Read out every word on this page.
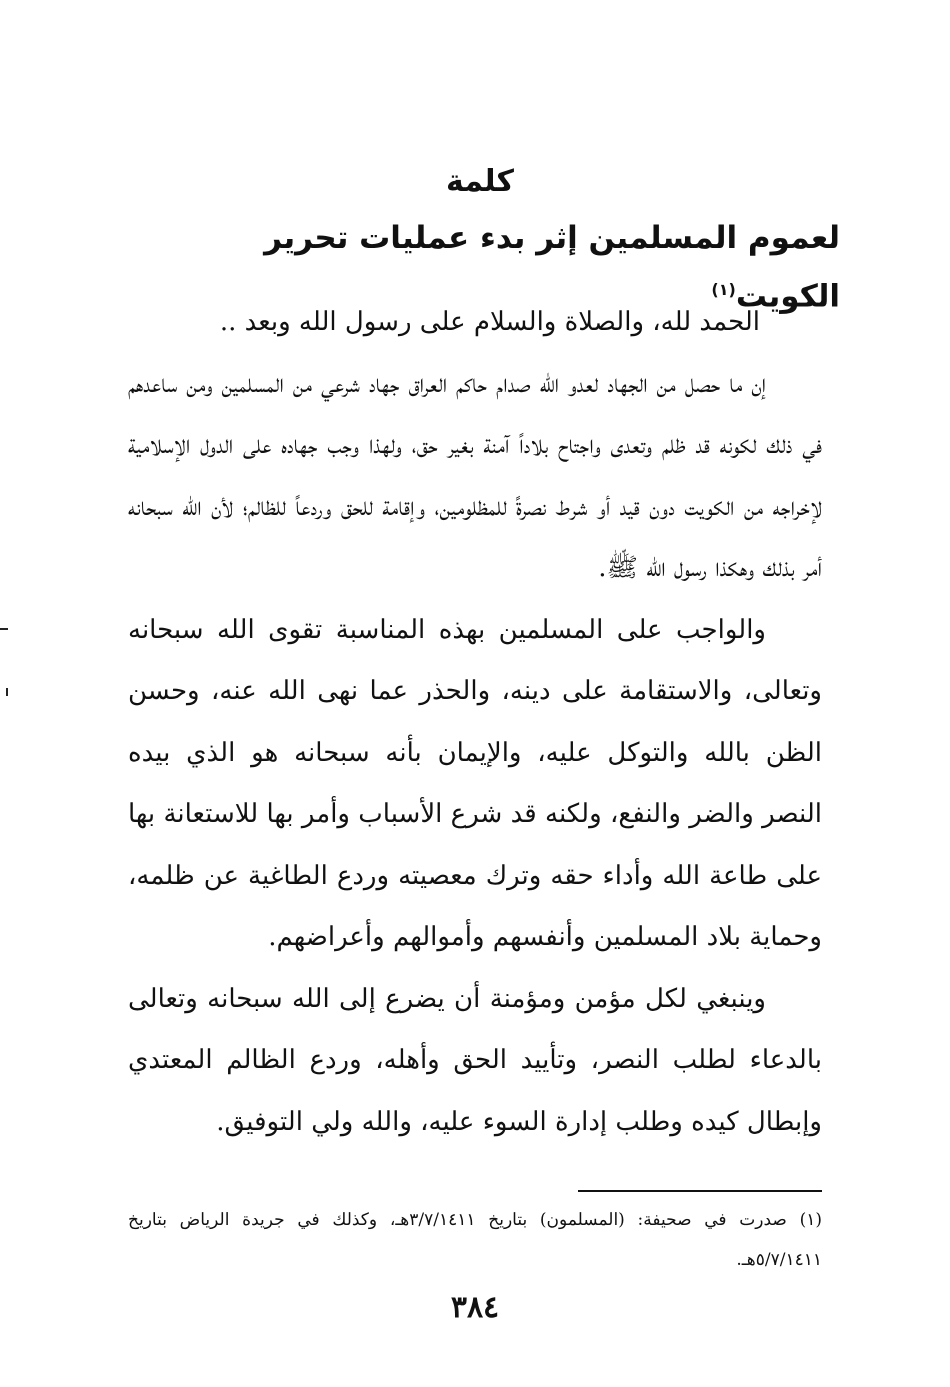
كلمة
لعموم المسلمين إثر بدء عمليات تحرير الكويت$^{(١)}$

الحمد لله، والصلاة والسلام على رسول الله وبعد ..

إن ما حصل من الجهاد لعدو الله صدام حاكم العراق جهاد شرعي من المسلمين ومن ساعدهم في ذلك لكونه قد ظلم وتعدى واجتاح بلاداً آمنة بغير حق، ولهذا وجب جهاده على الدول الإسلامية لإخراجه من الكويت دون قيد أو شرط نصرةً للمظلومين، وإقامة للحق وردعاً للظالم؛ لأن الله سبحانه أمر بذلك وهكذا رسول الله ﷺ.

والواجب على المسلمين بهذه المناسبة تقوى الله سبحانه وتعالى، والاستقامة على دينه، والحذر عما نهى الله عنه، وحسن الظن بالله والتوكل عليه، والإيمان بأنه سبحانه هو الذي بيده النصر والضر والنفع، ولكنه قد شرع الأسباب وأمر بها للاستعانة بها على طاعة الله وأداء حقه وترك معصيته وردع الطاغية عن ظلمه، وحماية بلاد المسلمين وأنفسهم وأموالهم وأعراضهم.

وينبغي لكل مؤمن ومؤمنة أن يضرع إلى الله سبحانه وتعالى بالدعاء لطلب النصر، وتأييد الحق وأهله، وردع الظالم المعتدي وإبطال كيده وطلب إدارة السوء عليه، والله ولي التوفيق.

(١) صدرت في صحيفة: (المسلمون) بتاريخ ٣/٧/١٤١١هـ، وكذلك في جريدة الرياض بتاريخ ٥/٧/١٤١١هـ.
٣٨٤
